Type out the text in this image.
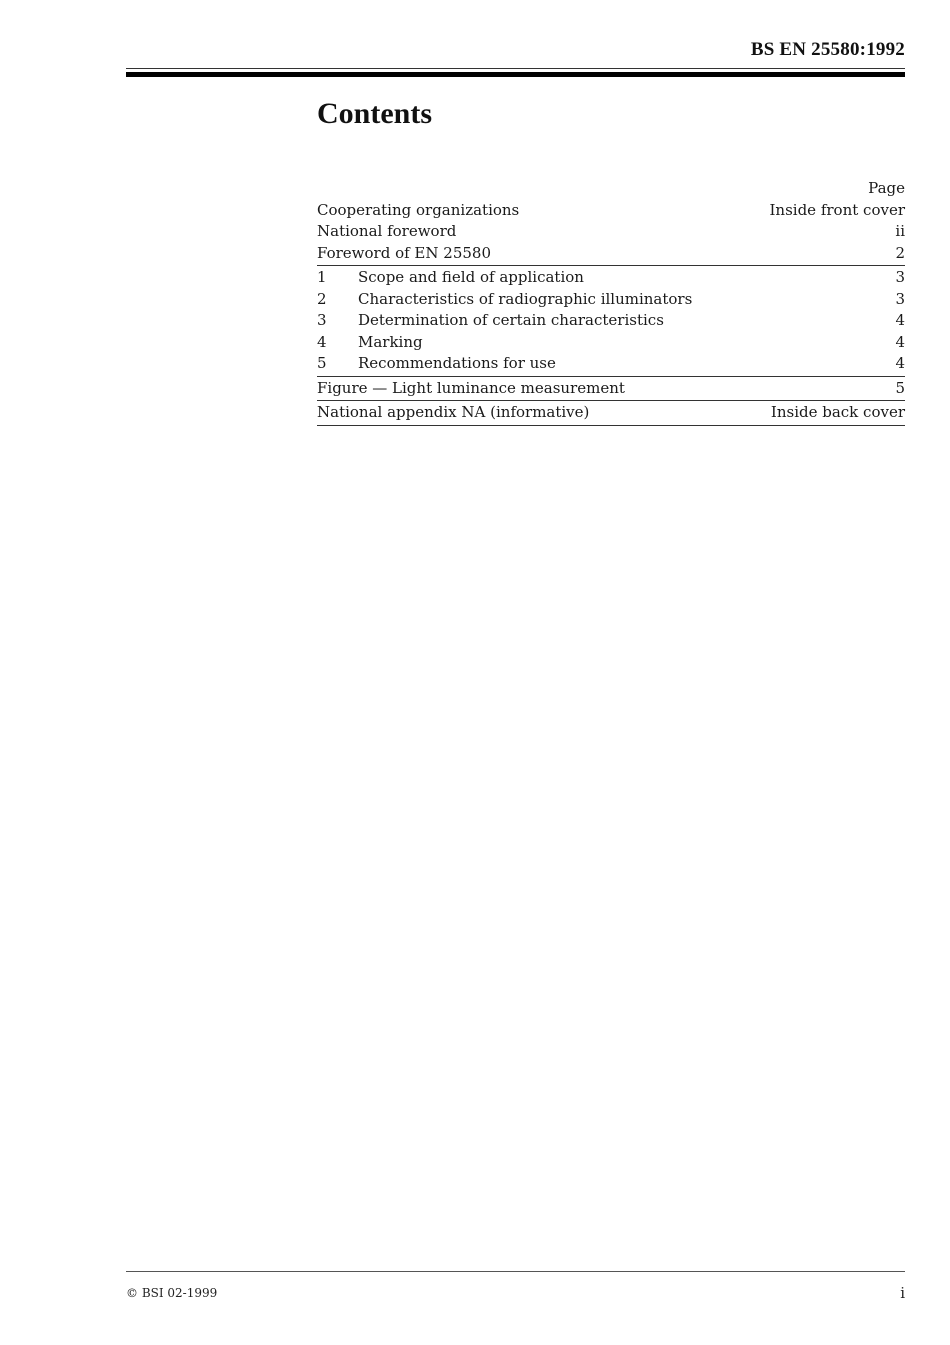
BS EN 25580:1992
Contents
Page
Cooperating organizations	Inside front cover
National foreword	ii
Foreword of EN 25580	2
1	Scope and field of application	3
2	Characteristics of radiographic illuminators	3
3	Determination of certain characteristics	4
4	Marking	4
5	Recommendations for use	4
Figure — Light luminance measurement	5
National appendix NA (informative)	Inside back cover
© BSI 02-1999	i
